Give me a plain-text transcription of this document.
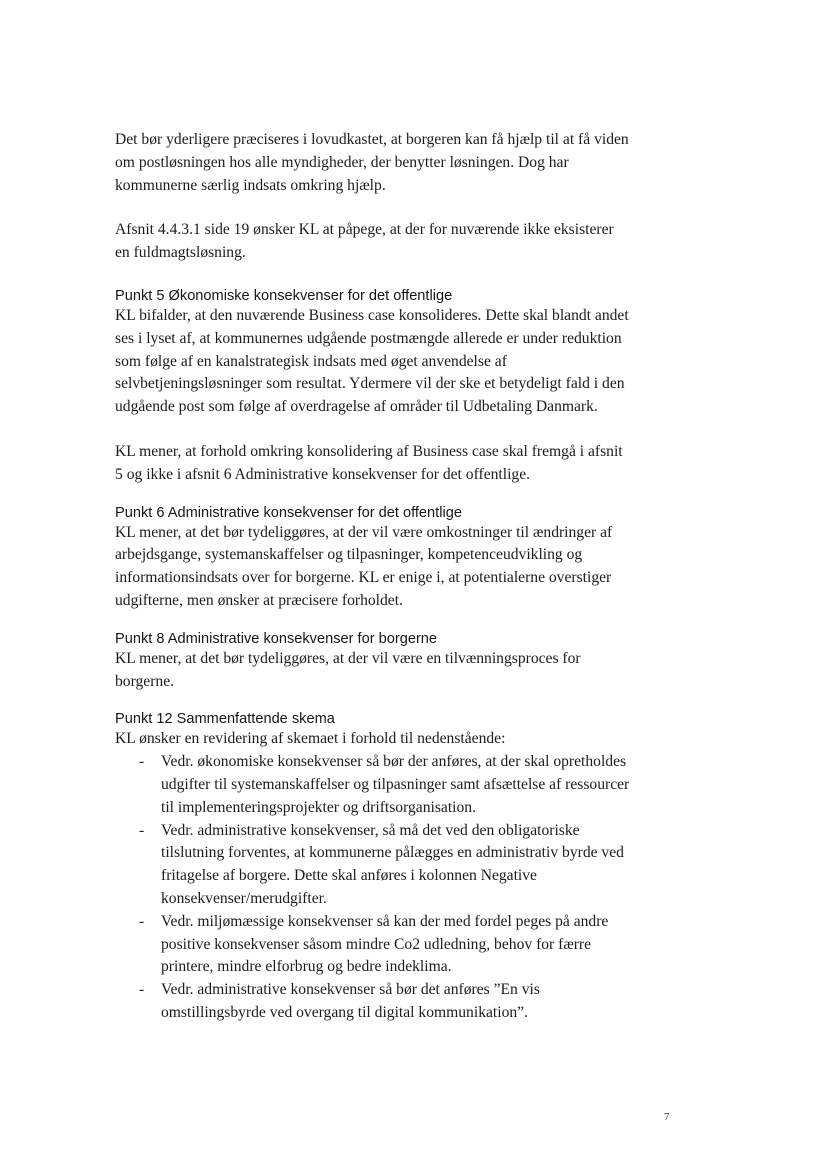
Det bør yderligere præciseres i lovudkastet, at borgeren kan få hjælp til at få viden om postløsningen hos alle myndigheder, der benytter løsningen. Dog har kommunerne særlig indsats omkring hjælp.

Afsnit 4.4.3.1 side 19 ønsker KL at påpege, at der for nuværende ikke eksisterer en fuldmagtsløsning.

Punkt 5 Økonomiske konsekvenser for det offentlige

KL bifalder, at den nuværende Business case konsolideres. Dette skal blandt andet ses i lyset af, at kommunernes udgående postmængde allerede er under reduktion som følge af en kanalstrategisk indsats med øget anvendelse af selvbetjeningsløsninger som resultat. Ydermere vil der ske et betydeligt fald i den udgående post som følge af overdragelse af områder til Udbetaling Danmark.

KL mener, at forhold omkring konsolidering af Business case skal fremgå i afsnit 5 og ikke i afsnit 6 Administrative konsekvenser for det offentlige.

Punkt 6 Administrative konsekvenser for det offentlige

KL mener, at det bør tydeliggøres, at der vil være omkostninger til ændringer af arbejdsgange, systemanskaffelser og tilpasninger, kompetenceudvikling og informationsindsats over for borgerne. KL er enige i, at potentialerne overstiger udgifterne, men ønsker at præcisere forholdet.

Punkt 8 Administrative konsekvenser for borgerne

KL mener, at det bør tydeliggøres, at der vil være en tilvænningsproces for borgerne.

Punkt 12 Sammenfattende skema

KL ønsker en revidering af skemaet i forhold til nedenstående:

- Vedr. økonomiske konsekvenser så bør der anføres, at der skal opretholdes udgifter til systemanskaffelser og tilpasninger samt afsættelse af ressourcer til implementeringsprojekter og driftsorganisation.
- Vedr. administrative konsekvenser, så må det ved den obligatoriske tilslutning forventes, at kommunerne pålægges en administrativ byrde ved fritagelse af borgere. Dette skal anføres i kolonnen Negative konsekvenser/merudgifter.
- Vedr. miljømæssige konsekvenser så kan der med fordel peges på andre positive konsekvenser såsom mindre Co2 udledning, behov for færre printere, mindre elforbrug og bedre indeklima.
- Vedr. administrative konsekvenser så bør det anføres ”En vis omstillingsbyrde ved overgang til digital kommunikation”.
7
